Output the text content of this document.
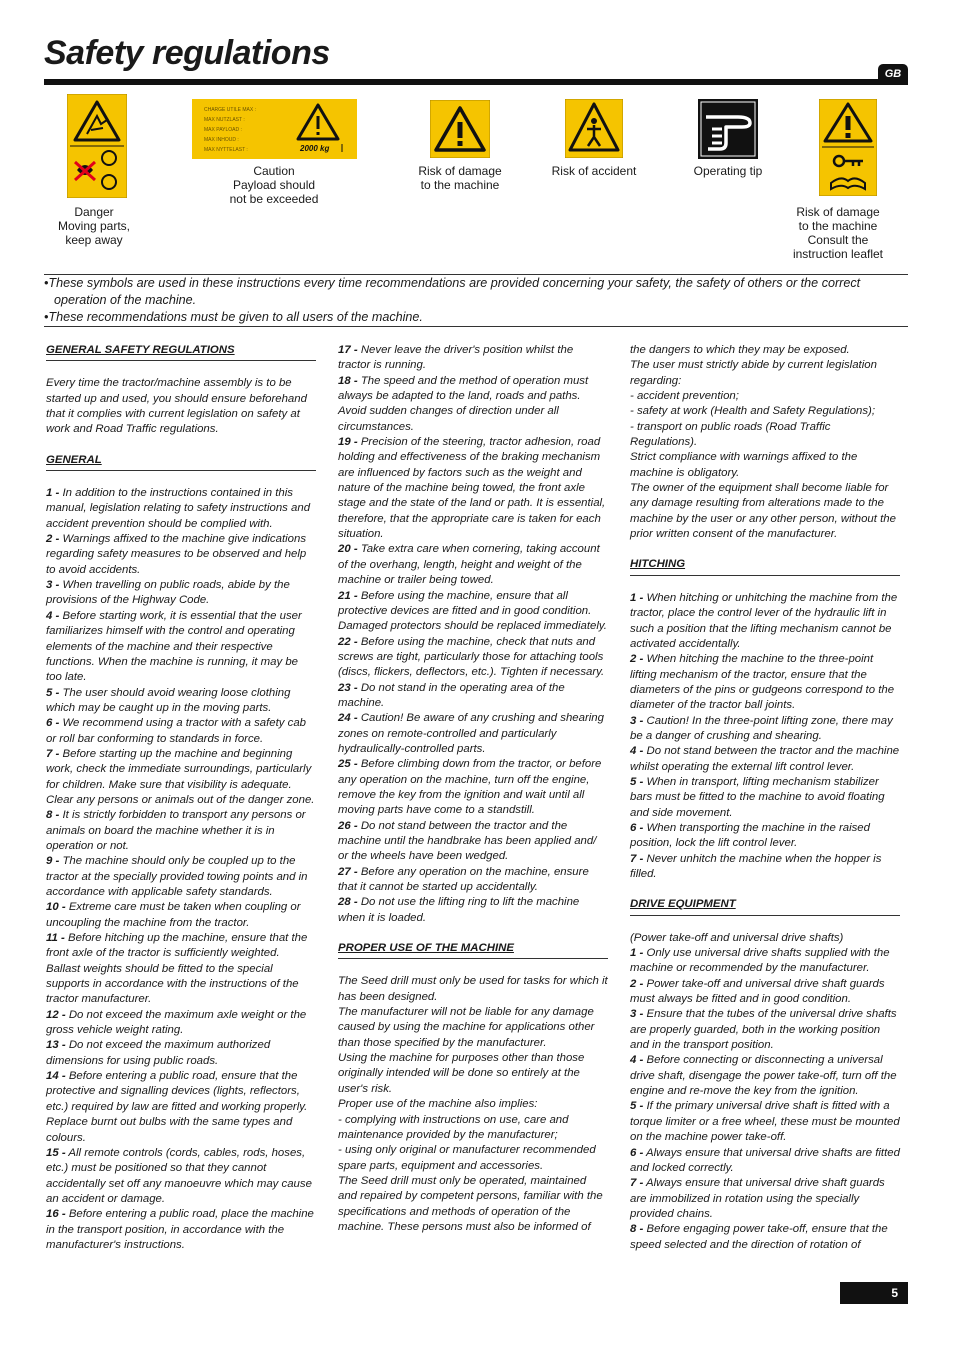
Safety regulations
GB
Danger
Moving parts,
keep away
CHARGE UTILE MAX :
MAX NUTZLAST :
MAX PAYLOAD :
MAX INHOUD :
MAX NYTTELAST :	2000 kg
Caution
Payload should
not be exceeded
Risk of damage
to the machine
Risk of accident	Operating tip
Risk of damage
to the machine
Consult the
instruction leaflet

•These symbols are used in these instructions every time recommendations are provided concerning your safety, the safety of others or the correct operation of the machine.

•These recommendations must be given to all users of the machine.

GENERAL SAFETY REGULATIONS

Every time the tractor/machine assembly is to be started up and used, you should ensure beforehand that it complies with current legislation on safety at work and Road Traffic regulations.

GENERAL

1 - In addition to the instructions contained in this manual, legislation relating to safety instructions and accident prevention should be complied with.

2 - Warnings affixed to the machine give indications regarding safety measures to be observed and help to avoid accidents.

3 - When travelling on public roads, abide by the provisions of the Highway Code.

4 - Before starting work, it is essential that the user familiarizes himself with the control and operating elements of the machine and their respective functions. When the machine is running, it may be too late.

5 - The user should avoid wearing loose clothing which may be caught up in the moving parts.

6 - We recommend using a tractor with a safety cab or roll bar conforming to standards in force.

7 - Before starting up the machine and beginning work, check the immediate surroundings, particularly for children. Make sure that visibility is adequate. Clear any persons or animals out of the danger zone.

8 - It is strictly forbidden to transport any persons or animals on board the machine whether it is in operation or not.

9 - The machine should only be coupled up to the tractor at the specially provided towing points and in accordance with applicable safety standards.

10 - Extreme care must be taken when coupling or uncoupling the machine from the tractor.

11 - Before hitching up the machine, ensure that the front axle of the tractor is sufficiently weighted. Ballast weights should be fitted to the special supports in accordance with the instructions of the tractor manufacturer.

12 - Do not exceed the maximum axle weight or the gross vehicle weight rating.

13 - Do not exceed the maximum authorized dimensions for using public roads.

14 - Before entering a public road, ensure that the protective and signalling devices (lights, reflectors, etc.) required by law are fitted and working properly. Replace burnt out bulbs with the same types and colours.

15 - All remote controls (cords, cables, rods, hoses, etc.) must be positioned so that they cannot accidentally set off any manoeuvre which may cause an accident or damage.

16 - Before entering a public road, place the machine in the transport position, in accordance with the manufacturer's instructions.

17 - Never leave the driver's position whilst the tractor is running.

18 - The speed and the method of operation must always be adapted to the land, roads and paths. Avoid sudden changes of direction under all circumstances.

19 - Precision of the steering, tractor adhesion, road holding and effectiveness of the braking mechanism are influenced by factors such as the weight and nature of the machine being towed, the front axle stage and the state of the land or path. It is essential, therefore, that the appropriate care is taken for each situation.

20 - Take extra care when cornering, taking account of the overhang, length, height and weight of the machine or trailer being towed.

21 - Before using the machine, ensure that all protective devices are fitted and in good condition. Damaged protectors should be replaced immediately.

22 - Before using the machine, check that nuts and screws are tight, particularly those for attaching tools (discs, flickers, deflectors, etc.). Tighten if necessary.

23 - Do not stand in the operating area of the machine.

24 - Caution! Be aware of any crushing and shearing zones on remote-controlled and particularly hydraulically-controlled parts.

25 - Before climbing down from the tractor, or before any operation on the machine, turn off the engine, remove the key from the ignition and wait until all moving parts have come to a standstill.

26 - Do not stand between the tractor and the machine until the handbrake has been applied and/ or the wheels have been wedged.

27 - Before any operation on the machine, ensure that it cannot be started up accidentally.

28 - Do not use the lifting ring to lift the machine when it is loaded.

PROPER USE OF THE MACHINE

The Seed drill must only be used for tasks for which it has been designed.

The manufacturer will not be liable for any damage caused by using the machine for applications other than those specified by the manufacturer.

Using the machine for purposes other than those originally intended will be done so entirely at the user's risk.

Proper use of the machine also implies:

- complying with instructions on use, care and maintenance provided by the manufacturer;

- using only original or manufacturer recommended spare parts, equipment and accessories.

The Seed drill must only be operated, maintained and repaired by competent persons, familiar with the specifications and methods of operation of the machine. These persons must also be informed of

the dangers to which they may be exposed.

The user must strictly abide by current legislation regarding:

- accident prevention;

- safety at work (Health and Safety Regulations);

- transport on public roads (Road Traffic Regulations).

Strict compliance with warnings affixed to the machine is obligatory.

The owner of the equipment shall become liable for any damage resulting from alterations made to the machine by the user or any other person, without the prior written consent of the manufacturer.

HITCHING

1 - When hitching or unhitching the machine from the tractor, place the control lever of the hydraulic lift in such a position that the lifting mechanism cannot be activated accidentally.

2 - When hitching the machine to the three-point lifting mechanism of the tractor, ensure that the diameters of the pins or gudgeons correspond to the diameter of the tractor ball joints.

3 - Caution! In the three-point lifting zone, there may be a danger of crushing and shearing.

4 - Do not stand between the tractor and the machine whilst operating the external lift control lever.

5 - When in transport, lifting mechanism stabilizer bars must be fitted to the machine to avoid floating and side movement.

6 - When transporting the machine in the raised position, lock the lift control lever.

7 - Never unhitch the machine when the hopper is filled.

DRIVE EQUIPMENT

(Power take-off and universal drive shafts)

1 - Only use universal drive shafts supplied with the machine or recommended by the manufacturer.

2 - Power take-off and universal drive shaft guards must always be fitted and in good condition.

3 - Ensure that the tubes of the universal drive shafts are properly guarded, both in the working position and in the transport position.

4 - Before connecting or disconnecting a universal drive shaft, disengage the power take-off, turn off the engine and re-move the key from the ignition.

5 - If the primary universal drive shaft is fitted with a torque limiter or a free wheel, these must be mounted on the machine power take-off.

6 - Always ensure that universal drive shafts are fitted and locked correctly.

7 - Always ensure that universal drive shaft guards are immobilized in rotation using the specially provided chains.

8 - Before engaging power take-off, ensure that the speed selected and the direction of rotation of

5
